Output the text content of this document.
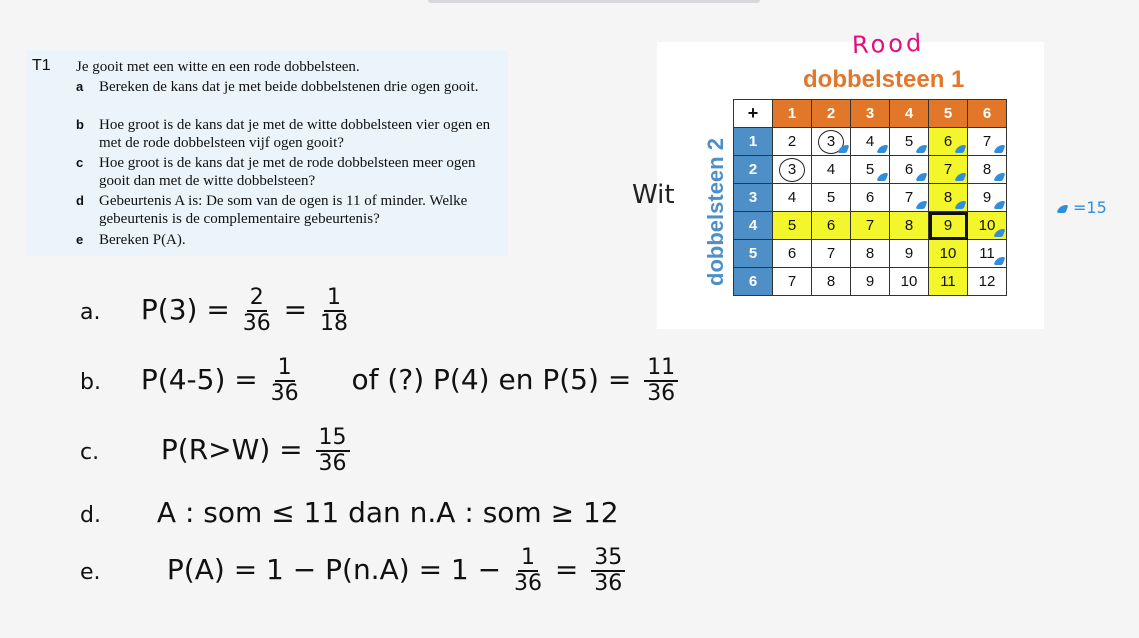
T1 Je gooit met een witte en een rode dobbelsteen.
a Bereken de kans dat je met beide dobbelstenen drie ogen gooit.
b Hoe groot is de kans dat je met de witte dobbelsteen vier ogen en met de rode dobbelsteen vijf ogen gooit?
c Hoe groot is de kans dat je met de rode dobbelsteen meer ogen gooit dan met de witte dobbelsteen?
d Gebeurtenis A is: De som van de ogen is 11 of minder. Welke gebeurtenis is de complementaire gebeurtenis?
e Bereken P(A).
Rood
dobbelsteen 1
dobbelsteen 2
Wit
+	1	2	3	4	5	6
1	2	3	4	5	6	7
2	3	4	5	6	7	8
3	4	5	6	7	8	9
4	5	6	7	8	9	10
5	6	7	8	9	10	11
6	7	8	9	10	11	12
=15
a. $P(3) = \frac{2}{36} = \frac{1}{18}$
b. $P(4-5) = \frac{1}{36}$ of (?) P(4) en $P(5) = \frac{11}{36}$
c. $P(R>W) = \frac{15}{36}$
d. A : som ≤ 11 dan n.A : som ≥ 12
e. $P(A) = 1 - P(n.A) = 1 - \frac{1}{36} = \frac{35}{36}$
